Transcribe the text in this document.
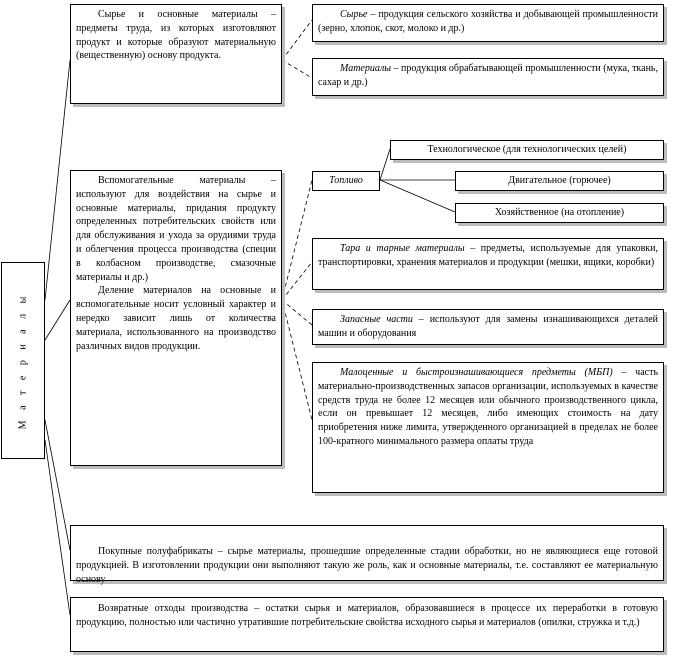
М а т е р и а л ы
Сырье и основные материалы – предметы труда, из которых изготовляют продукт и которые образуют материальную (вещественную) основу продукта.
Сырье – продукция сельского хозяйства и добывающей промышленности (зерно, хлопок, скот, молоко и др.)
Материалы – продукция обрабатывающей промышленности (мука, ткань, сахар и др.)
Вспомогательные материалы – используют для воздействия на сырье и основные материалы, придания продукту определенных потребительских свойств или для обслуживания и ухода за орудиями труда и облегчения процесса производства (специи в колбасном производстве, смазочные материалы и др.)
Деление материалов на основные и вспомогательные носит условный характер и нередко зависит лишь от количества материала, использованного на производство различных видов продукции.
Топливо
Технологическое (для технологических целей)
Двигательное (горючее)
Хозяйственное (на отопление)
Тара и тарные материалы – предметы, используемые для упаковки, транспортировки, хранения материалов и продукции (мешки, ящики, коробки)
Запасные части – используют для замены изнашивающихся деталей машин и оборудования
Малоценные и быстроизнашивающиеся предметы (МБП) – часть материально-производственных запасов организации, используемых в качестве средств труда не более 12 месяцев или обычного производственного цикла, если он превышает 12 месяцев, либо имеющих стоимость на дату приобретения ниже лимита, утвержденного организацией в пределах не более 100-кратного минимального размера оплаты труда
Покупные полуфабрикаты – сырье материалы, прошедшие определенные стадии обработки, но не являющиеся еще готовой продукцией. В изготовлении продукции они выполняют такую же роль, как и основные материалы, т.е. составляют ее материальную основу
Возвратные отходы производства – остатки сырья и материалов, образовавшиеся в процессе их переработки в готовую продукцию, полностью или частично утратившие потребительские свойства исходного сырья и материалов (опилки, стружка и т.д.)
